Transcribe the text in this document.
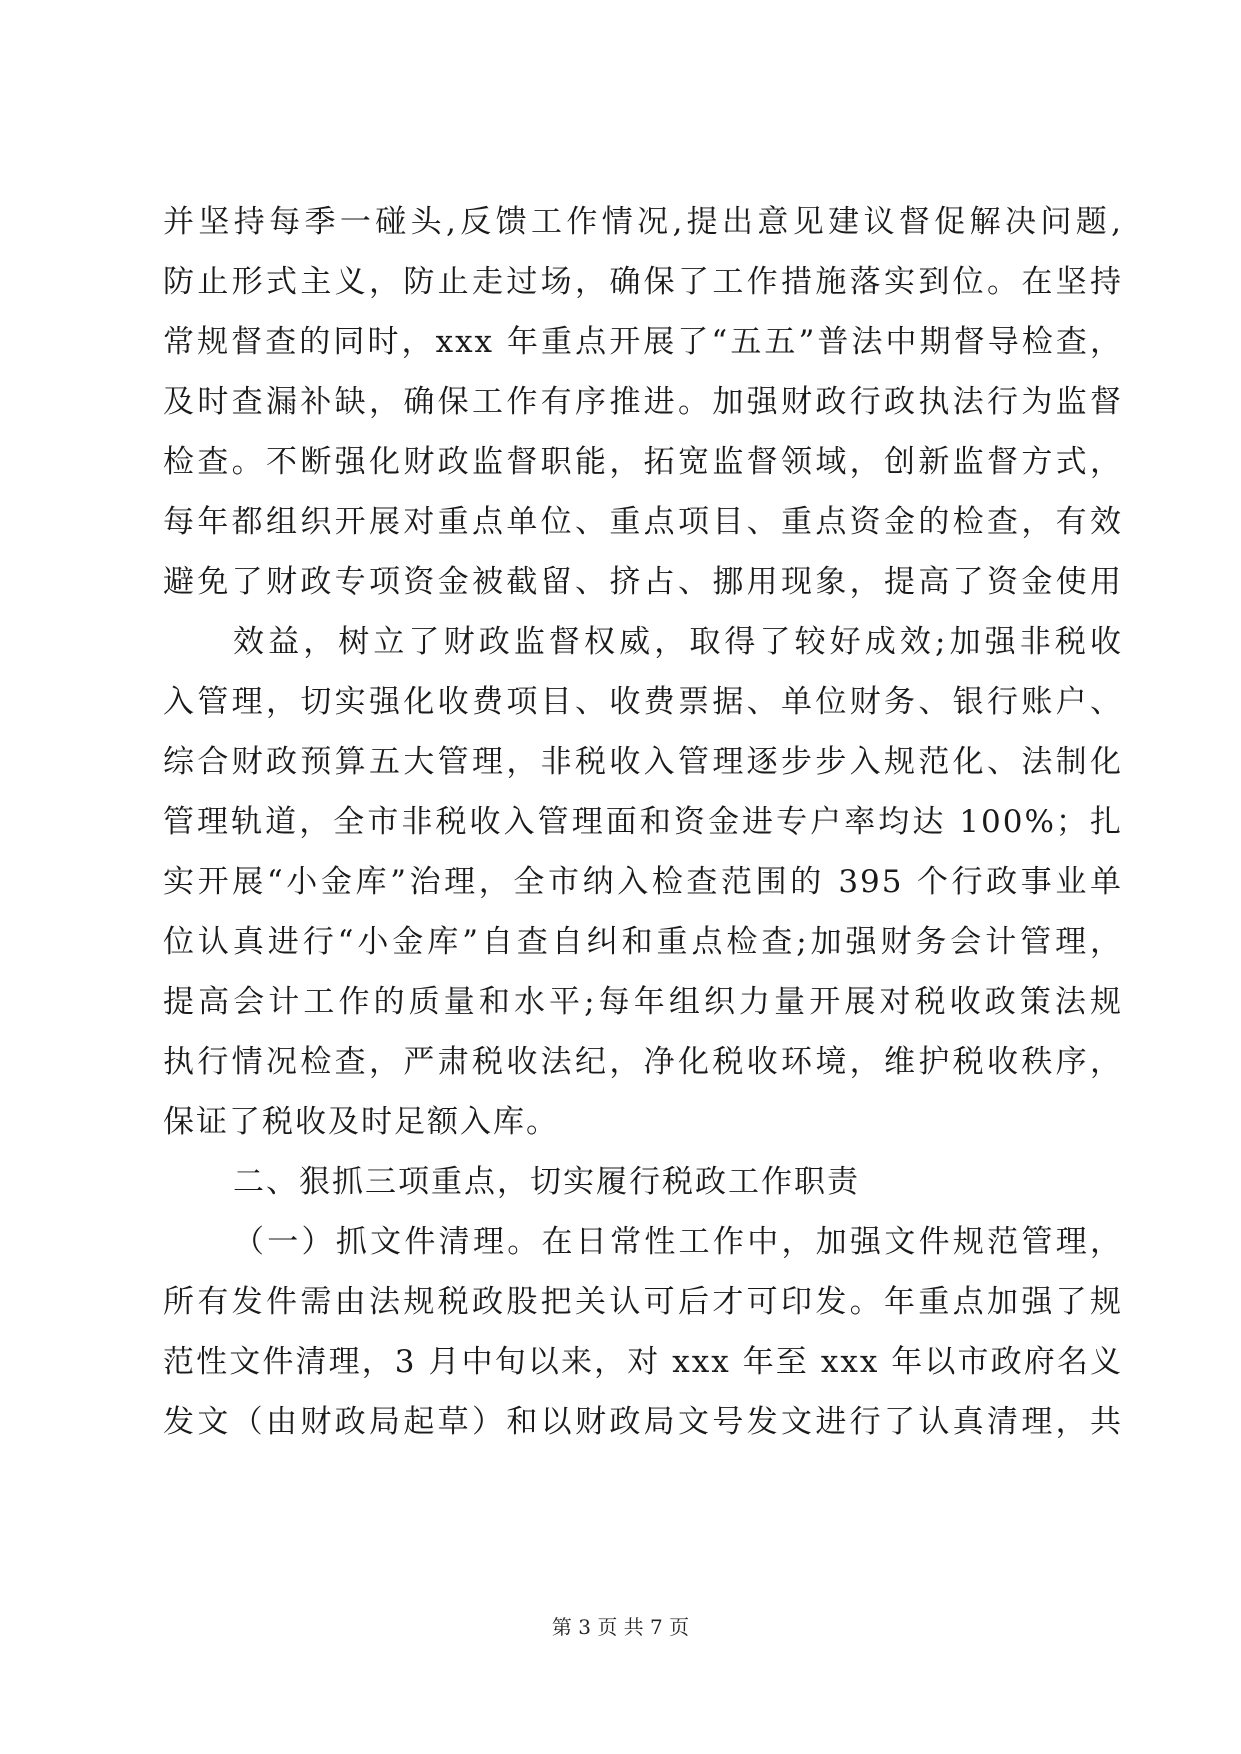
并坚持每季一碰头,反馈工作情况,提出意见建议督促解决问题,
防止形式主义，防止走过场，确保了工作措施落实到位。在坚持
常规督查的同时，xxx 年重点开展了“五五”普法中期督导检查，
及时查漏补缺，确保工作有序推进。加强财政行政执法行为监督
检查。不断强化财政监督职能，拓宽监督领域，创新监督方式，
每年都组织开展对重点单位、重点项目、重点资金的检查，有效
避免了财政专项资金被截留、挤占、挪用现象，提高了资金使用
效益，树立了财政监督权威，取得了较好成效;加强非税收
入管理，切实强化收费项目、收费票据、单位财务、银行账户、
综合财政预算五大管理，非税收入管理逐步步入规范化、法制化
管理轨道，全市非税收入管理面和资金进专户率均达 100%；扎
实开展“小金库”治理，全市纳入检查范围的 395 个行政事业单
位认真进行“小金库”自查自纠和重点检查;加强财务会计管理，
提高会计工作的质量和水平;每年组织力量开展对税收政策法规
执行情况检查，严肃税收法纪，净化税收环境，维护税收秩序，
保证了税收及时足额入库。
二、狠抓三项重点，切实履行税政工作职责
（一）抓文件清理。在日常性工作中，加强文件规范管理，
所有发件需由法规税政股把关认可后才可印发。年重点加强了规
范性文件清理，3 月中旬以来，对 xxx 年至 xxx 年以市政府名义
发文（由财政局起草）和以财政局文号发文进行了认真清理，共
第 3 页 共 7 页
